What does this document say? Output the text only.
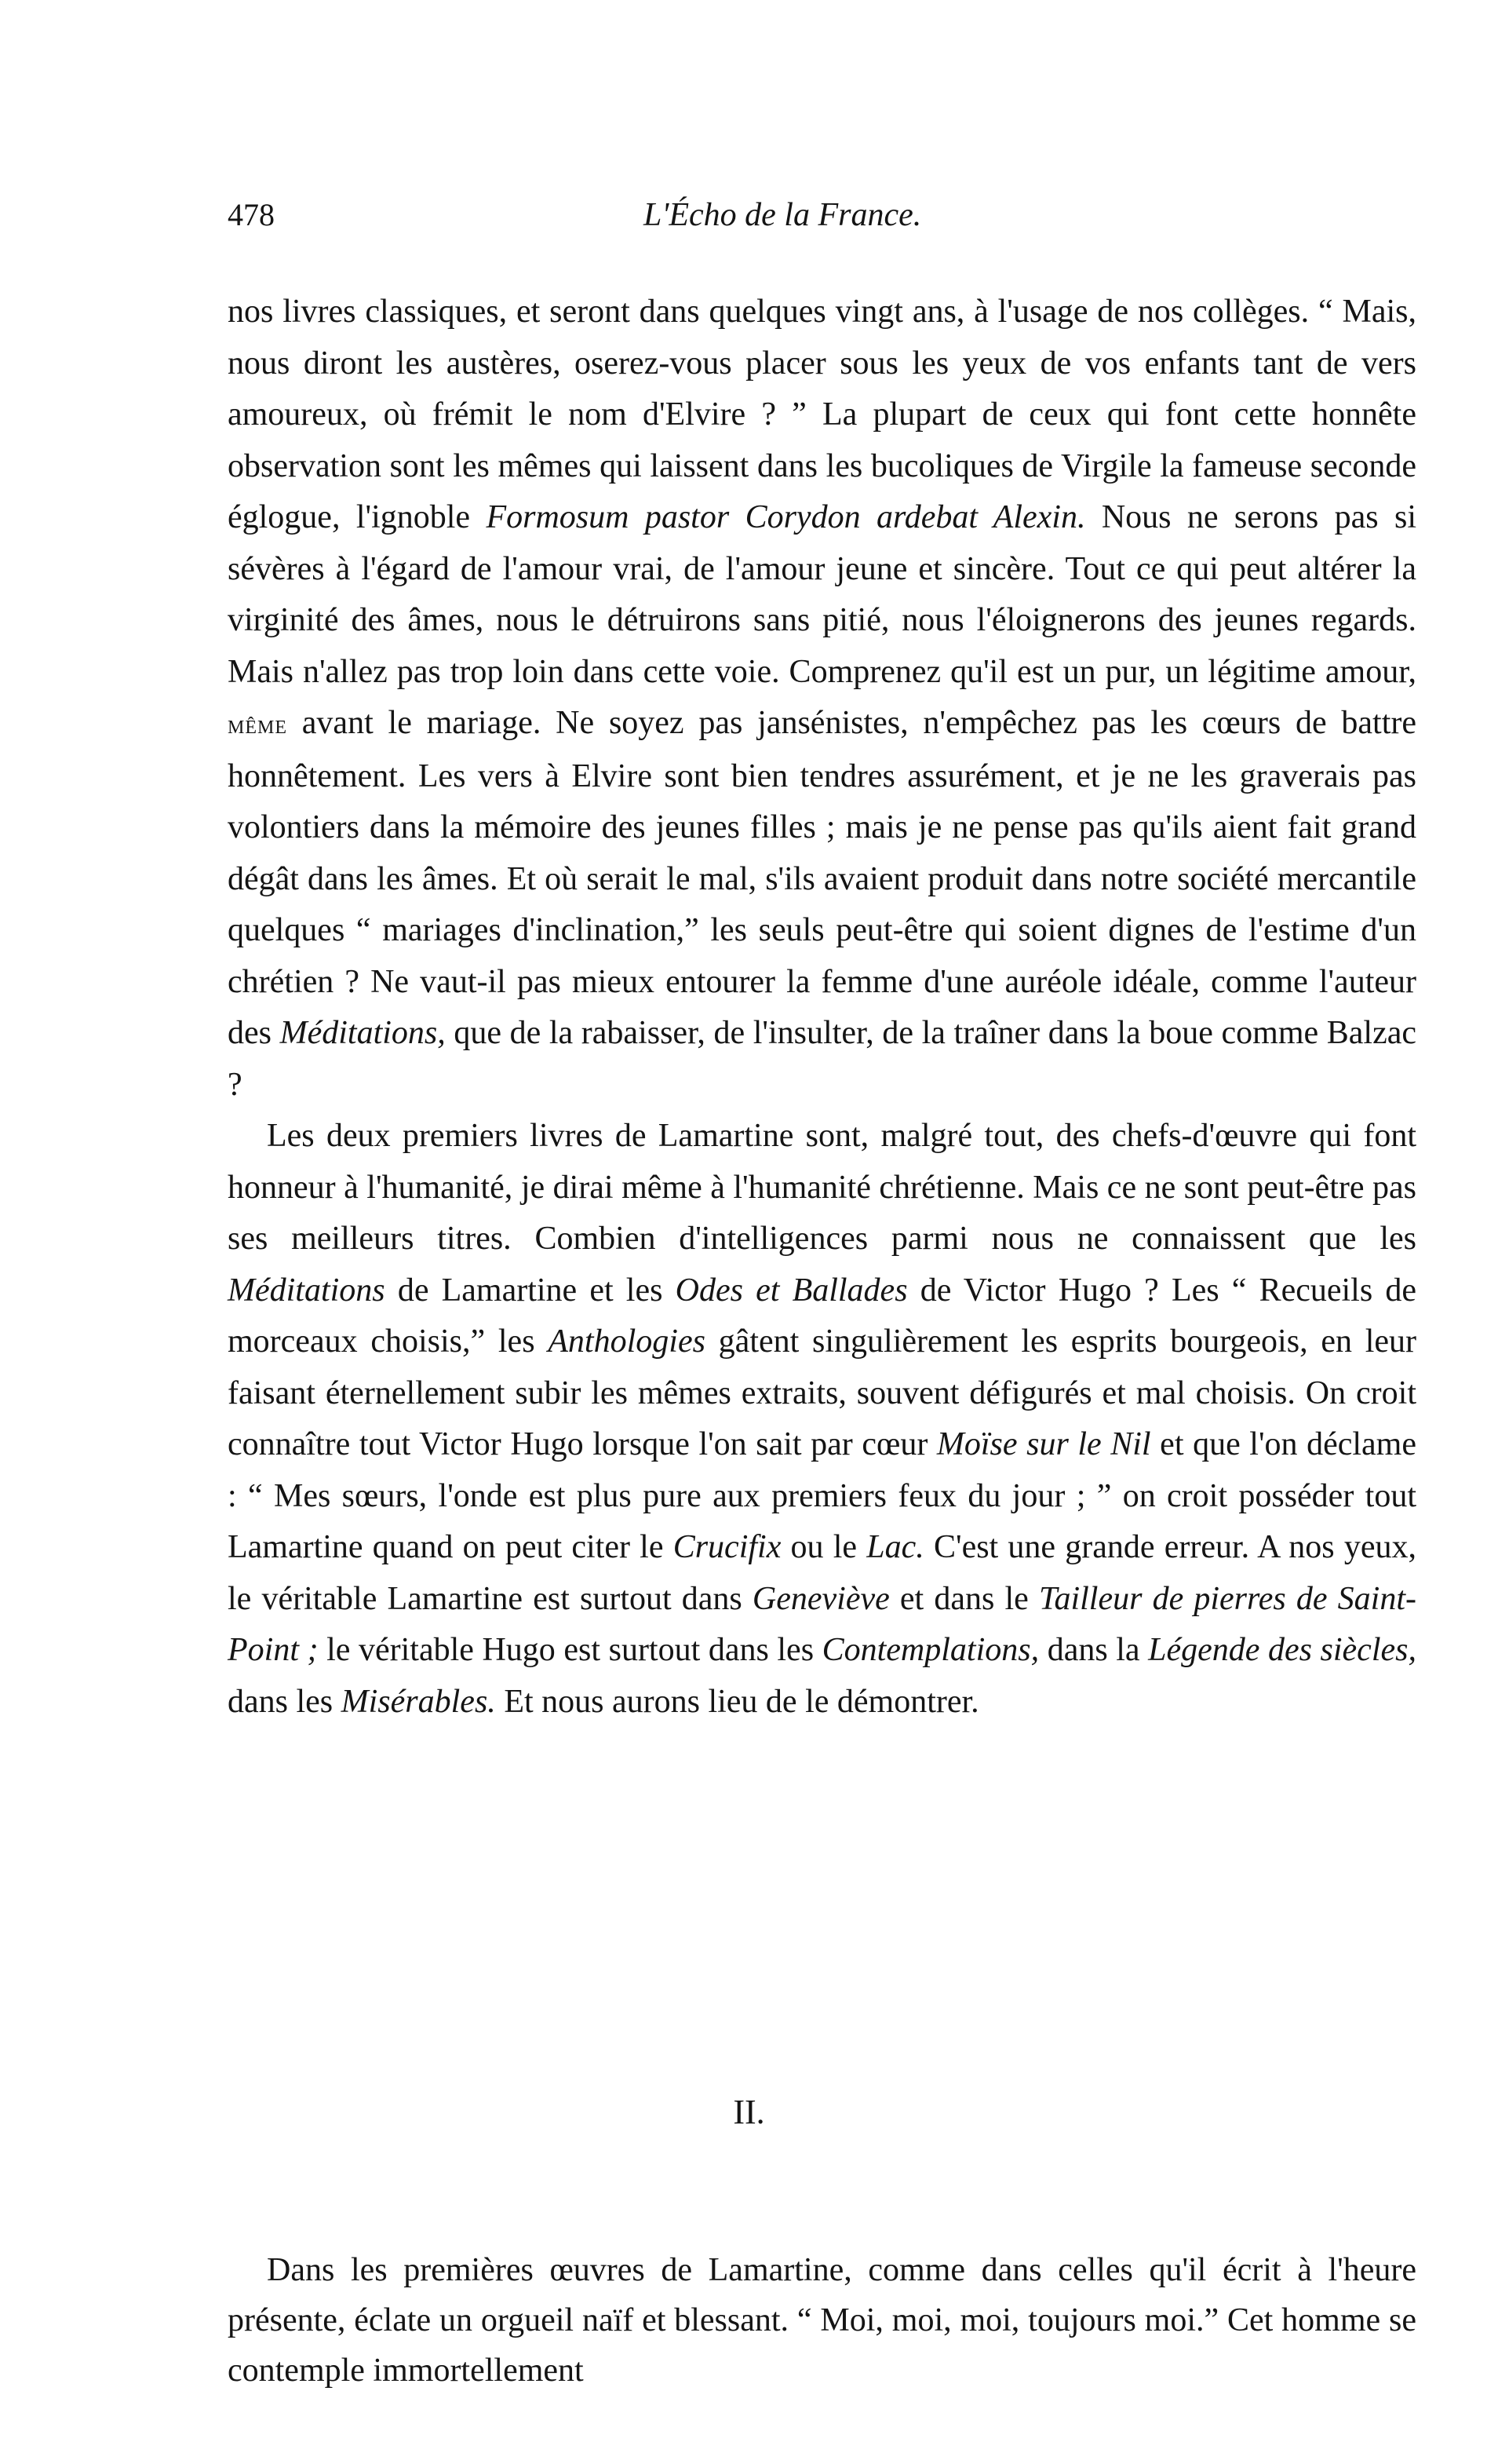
478	L'Écho de la France.

nos livres classiques, et seront dans quelques vingt ans, à l'usage de nos collèges. “ Mais, nous diront les austères, oserez-vous placer sous les yeux de vos enfants tant de vers amoureux, où frémit le nom d'Elvire ? ” La plupart de ceux qui font cette honnête observation sont les mêmes qui laissent dans les bucoliques de Virgile la fameuse seconde églogue, l'ignoble Formosum pastor Corydon ardebat Alexin. Nous ne serons pas si sévères à l'égard de l'amour vrai, de l'amour jeune et sincère. Tout ce qui peut altérer la virginité des âmes, nous le détruirons sans pitié, nous l'éloignerons des jeunes regards. Mais n'allez pas trop loin dans cette voie. Comprenez qu'il est un pur, un légitime amour, même avant le mariage. Ne soyez pas jansénistes, n'empêchez pas les cœurs de battre honnêtement. Les vers à Elvire sont bien tendres assurément, et je ne les graverais pas volontiers dans la mémoire des jeunes filles ; mais je ne pense pas qu'ils aient fait grand dégât dans les âmes. Et où serait le mal, s'ils avaient produit dans notre société mercantile quelques “ mariages d'inclination,” les seuls peut-être qui soient dignes de l'estime d'un chrétien ? Ne vaut-il pas mieux entourer la femme d'une auréole idéale, comme l'auteur des Méditations, que de la rabaisser, de l'insulter, de la traîner dans la boue comme Balzac ?

Les deux premiers livres de Lamartine sont, malgré tout, des chefs-d'œuvre qui font honneur à l'humanité, je dirai même à l'humanité chrétienne. Mais ce ne sont peut-être pas ses meilleurs titres. Combien d'intelligences parmi nous ne connaissent que les Méditations de Lamartine et les Odes et Ballades de Victor Hugo ? Les “ Recueils de morceaux choisis,” les Anthologies gâtent singulièrement les esprits bourgeois, en leur faisant éternellement subir les mêmes extraits, souvent défigurés et mal choisis. On croit connaître tout Victor Hugo lorsque l'on sait par cœur Moïse sur le Nil et que l'on déclame : “ Mes sœurs, l'onde est plus pure aux premiers feux du jour ; ” on croit posséder tout Lamartine quand on peut citer le Crucifix ou le Lac. C'est une grande erreur. A nos yeux, le véritable Lamartine est surtout dans Geneviève et dans le Tailleur de pierres de Saint-Point ; le véritable Hugo est surtout dans les Contemplations, dans la Légende des siècles, dans les Misérables. Et nous aurons lieu de le démontrer.

II.

Dans les premières œuvres de Lamartine, comme dans celles qu'il écrit à l'heure présente, éclate un orgueil naïf et blessant. “ Moi, moi, moi, toujours moi.” Cet homme se contemple immortellement
